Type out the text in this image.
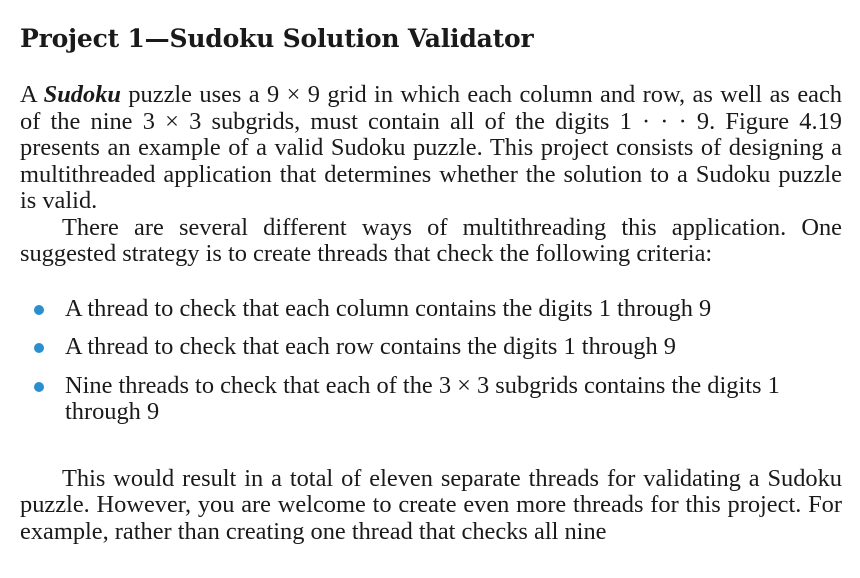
Project 1—Sudoku Solution Validator

A Sudoku puzzle uses a 9 × 9 grid in which each column and row, as well as each of the nine 3 × 3 subgrids, must contain all of the digits 1 · · · 9. Figure 4.19 presents an example of a valid Sudoku puzzle. This project consists of designing a multithreaded application that determines whether the solution to a Sudoku puzzle is valid.

There are several different ways of multithreading this application. One suggested strategy is to create threads that check the following criteria:

A thread to check that each column contains the digits 1 through 9
A thread to check that each row contains the digits 1 through 9
Nine threads to check that each of the 3 × 3 subgrids contains the digits 1 through 9

This would result in a total of eleven separate threads for validating a Sudoku puzzle. However, you are welcome to create even more threads for this project. For example, rather than creating one thread that checks all nine
